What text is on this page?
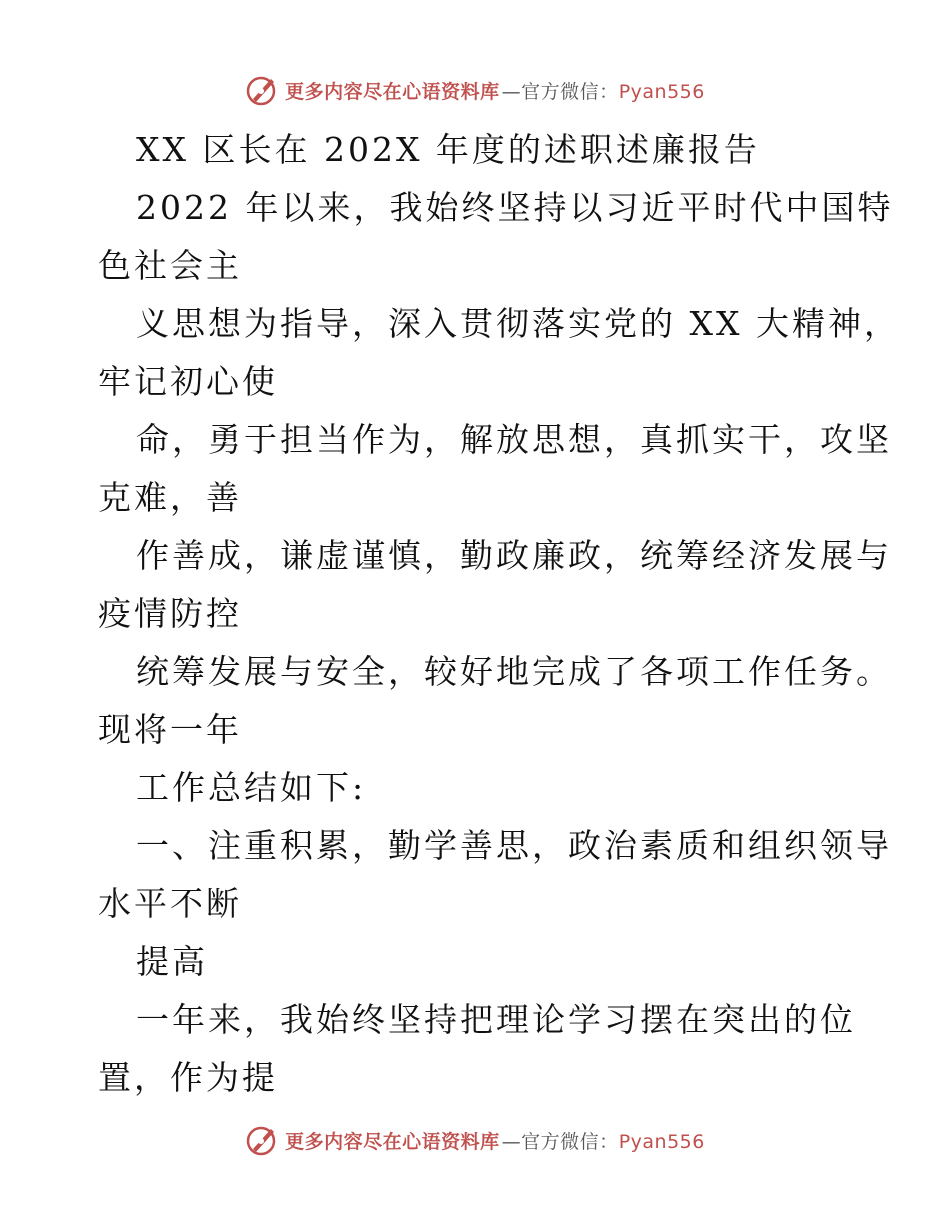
更多内容尽在心语资料库 —官方微信：Pyan556
XX 区长在 202X 年度的述职述廉报告
2022 年以来，我始终坚持以习近平时代中国特
色社会主
义思想为指导，深入贯彻落实党的 XX 大精神，
牢记初心使
命，勇于担当作为，解放思想，真抓实干，攻坚
克难，善
作善成，谦虚谨慎，勤政廉政，统筹经济发展与
疫情防控
统筹发展与安全，较好地完成了各项工作任务。
现将一年
工作总结如下:
一、注重积累，勤学善思，政治素质和组织领导
水平不断
提高
一年来，我始终坚持把理论学习摆在突出的位
置，作为提
更多内容尽在心语资料库 —官方微信：Pyan556
